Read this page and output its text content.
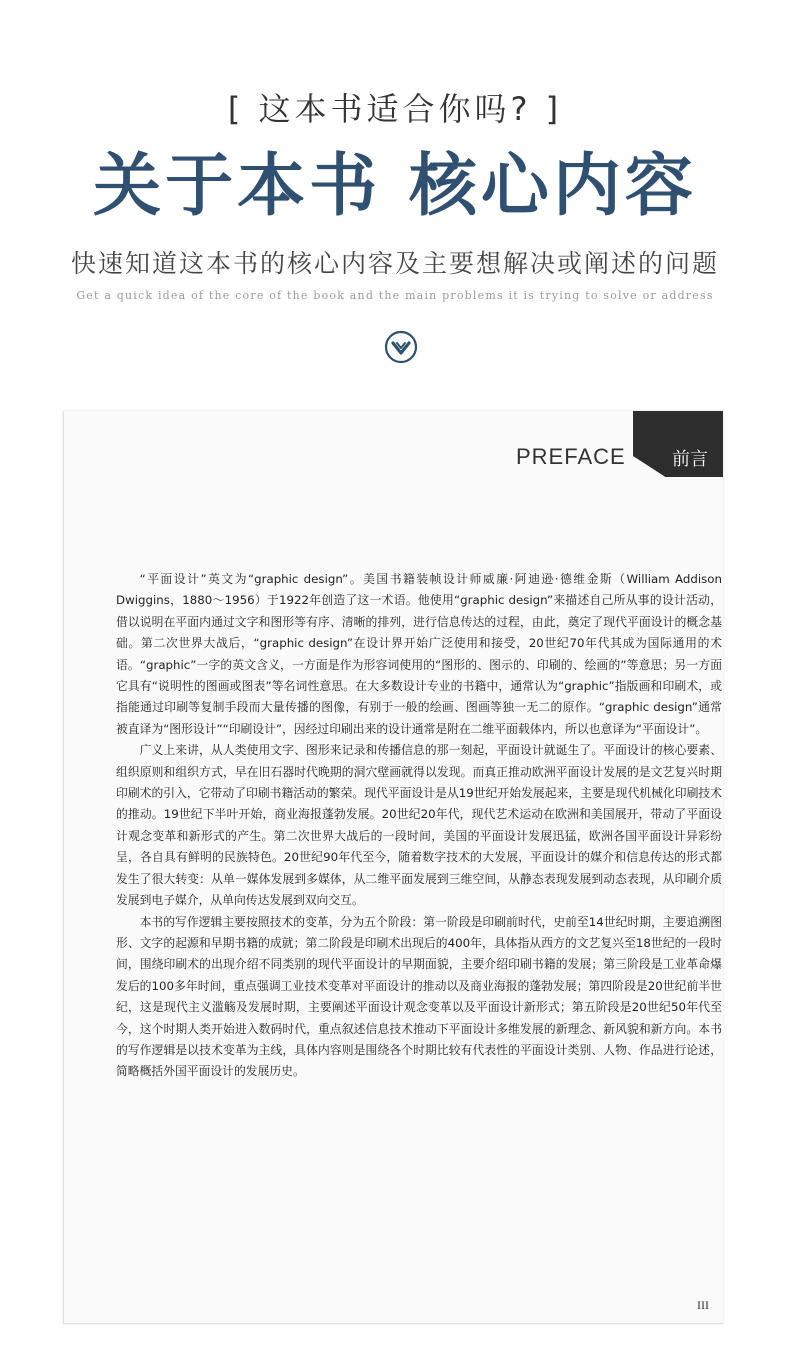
[ 这本书适合你吗? ]
关于本书 核心内容
快速知道这本书的核心内容及主要想解决或阐述的问题
Get a quick idea of the core of the book and the main problems it is trying to solve or address
前言
PREFACE

“平面设计”英文为“graphic design”。美国书籍装帧设计师威廉·阿迪逊·德维金斯（William Addison Dwiggins，1880～1956）于1922年创造了这一术语。他使用“graphic design”来描述自己所从事的设计活动，借以说明在平面内通过文字和图形等有序、清晰的排列，进行信息传达的过程，由此，奠定了现代平面设计的概念基础。第二次世界大战后，“graphic design”在设计界开始广泛使用和接受，20世纪70年代其成为国际通用的术语。“graphic”一字的英文含义，一方面是作为形容词使用的“图形的、图示的、印刷的、绘画的”等意思；另一方面它具有“说明性的图画或图表”等名词性意思。在大多数设计专业的书籍中，通常认为“graphic”指版画和印刷术，或指能通过印刷等复制手段而大量传播的图像，有别于一般的绘画、图画等独一无二的原作。“graphic design”通常被直译为“图形设计”“印刷设计”，因经过印刷出来的设计通常是附在二维平面载体内，所以也意译为“平面设计”。

广义上来讲，从人类使用文字、图形来记录和传播信息的那一刻起，平面设计就诞生了。平面设计的核心要素、组织原则和组织方式，早在旧石器时代晚期的洞穴壁画就得以发现。而真正推动欧洲平面设计发展的是文艺复兴时期印刷术的引入，它带动了印刷书籍活动的繁荣。现代平面设计是从19世纪开始发展起来，主要是现代机械化印刷技术的推动。19世纪下半叶开始，商业海报蓬勃发展。20世纪20年代，现代艺术运动在欧洲和美国展开，带动了平面设计观念变革和新形式的产生。第二次世界大战后的一段时间，美国的平面设计发展迅猛，欧洲各国平面设计异彩纷呈，各自具有鲜明的民族特色。20世纪90年代至今，随着数字技术的大发展，平面设计的媒介和信息传达的形式都发生了很大转变：从单一媒体发展到多媒体，从二维平面发展到三维空间，从静态表现发展到动态表现，从印刷介质发展到电子媒介，从单向传达发展到双向交互。

本书的写作逻辑主要按照技术的变革，分为五个阶段：第一阶段是印刷前时代，史前至14世纪时期，主要追溯图形、文字的起源和早期书籍的成就；第二阶段是印刷术出现后的400年，具体指从西方的文艺复兴至18世纪的一段时间，围绕印刷术的出现介绍不同类别的现代平面设计的早期面貌，主要介绍印刷书籍的发展；第三阶段是工业革命爆发后的100多年时间，重点强调工业技术变革对平面设计的推动以及商业海报的蓬勃发展；第四阶段是20世纪前半世纪，这是现代主义滥觞及发展时期，主要阐述平面设计观念变革以及平面设计新形式；第五阶段是20世纪50年代至今，这个时期人类开始进入数码时代，重点叙述信息技术推动下平面设计多维发展的新理念、新风貌和新方向。本书的写作逻辑是以技术变革为主线，具体内容则是围绕各个时期比较有代表性的平面设计类别、人物、作品进行论述，简略概括外国平面设计的发展历史。

III
